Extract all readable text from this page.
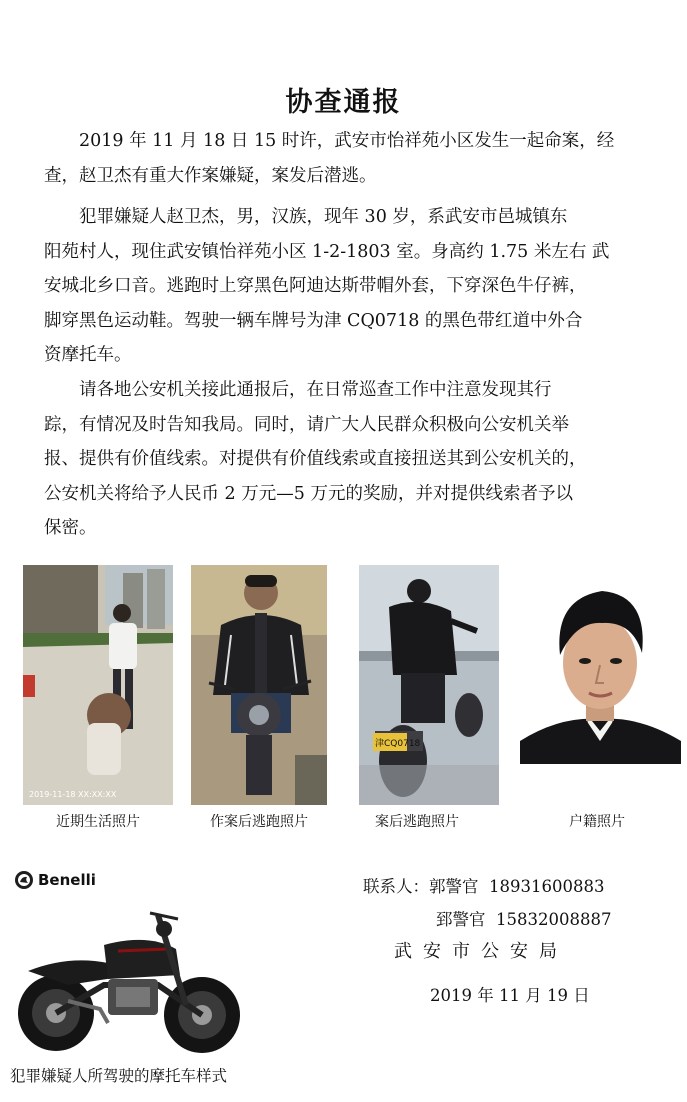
协查通报
2019 年 11 月 18 日 15 时许，武安市怡祥苑小区发生一起命案，经
查，赵卫杰有重大作案嫌疑，案发后潜逃。
犯罪嫌疑人赵卫杰，男，汉族，现年 30 岁，系武安市邑城镇东
阳苑村人，现住武安镇怡祥苑小区 1-2-1803 室。身高约 1.75 米左右 武
安城北乡口音。逃跑时上穿黑色阿迪达斯带帽外套，下穿深色牛仔裤，
脚穿黑色运动鞋。驾驶一辆车牌号为津 CQ0718 的黑色带红道中外合
资摩托车。
请各地公安机关接此通报后，在日常巡查工作中注意发现其行
踪，有情况及时告知我局。同时，请广大人民群众积极向公安机关举
报、提供有价值线索。对提供有价值线索或直接扭送其到公安机关的，
公安机关将给予人民币 2 万元—5 万元的奖励，并对提供线索者予以
保密。
2019-11-18 XX:XX:XX
近期生活照片	作案后逃跑照片
津CQ0718
案后逃跑照片	户籍照片
联系人：郭警官 18931600883
郅警官 15832008887
武安市公安局
2019 年 11 月 19 日
Benelli
犯罪嫌疑人所驾驶的摩托车样式
